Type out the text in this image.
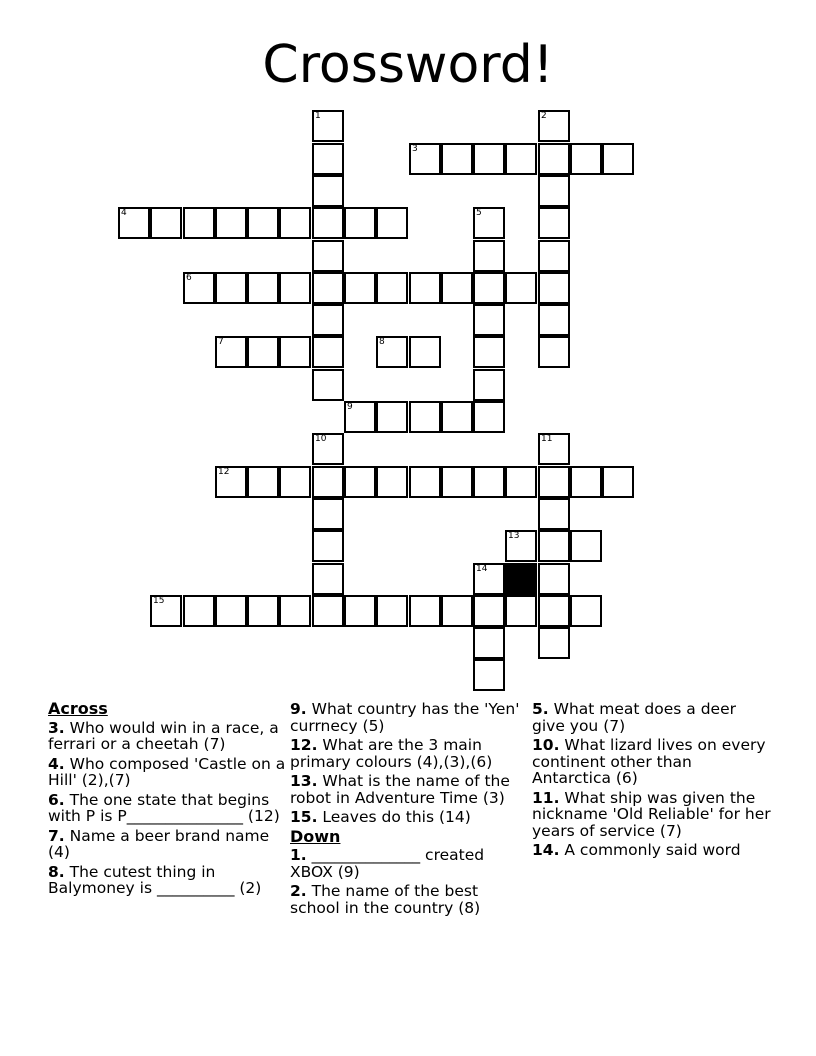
Crossword!
1	2
3
4	5
6
7	8
9
10	11
12
13
14
15
Across

3. Who would win in a race, a ferrari or a cheetah (7)

4. Who composed 'Castle on a Hill' (2),(7)

6. The one state that begins with P is P_______________ (12)

7. Name a beer brand name (4)

8. The cutest thing in Balymoney is __________ (2)

9. What country has the 'Yen' currnecy (5)

12. What are the 3 main primary colours (4),(3),(6)

13. What is the name of the robot in Adventure Time (3)

15. Leaves do this (14)

Down

1. ______________ created XBOX (9)

2. The name of the best school in the country (8)

5. What meat does a deer give you (7)

10. What lizard lives on every continent other than Antarctica (6)

11. What ship was given the nickname 'Old Reliable' for her years of service (7)

14. A commonly said word
